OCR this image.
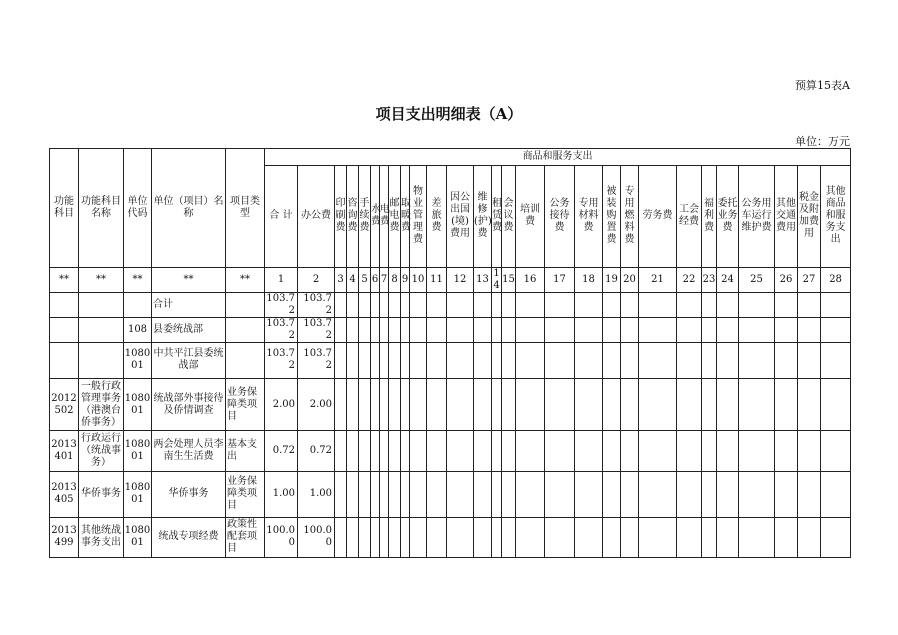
预算15表A
项目支出明细表（A）
单位：万元
功能科目	功能科目名称	单位代码	单位（项目）名称	项目类型	商品和服务支出																											
					合 计	办公费	印刷费	咨询费	手续费	水费	电费	邮电费	取暖费	物业管理费	差旅费	因公出国(境)费用	维修(护)费	租赁费	会议费	培训费	公务接待费	专用材料费	被装购置费	专用燃料费	劳务费	工会经费	福利费	委托业务费	公务用车运行维护费	其他交通费用	税金及附加费用	其他商品和服务支出
**	**	**	**	**	1	2	3	4	5	6	7	8	9	10	11	12	13	14	15	16	17	18	19	20	21	22	23	24	25	26	27	28
			合计		103.72	103.72																										
		108	县委统战部		103.72	103.72																										
		108001	中共平江县委统战部		103.72	103.72																										
2012502	一般行政管理事务（港澳台侨事务）	108001	统战部外事接待及侨情调查	业务保障类项目	2.00	2.00																										
2013401	行政运行（统战事务）	108001	两会处理人员李南生生活费	基本支出	0.72	0.72																										
2013405	华侨事务	108001	华侨事务	业务保障类项目	1.00	1.00																										
2013499	其他统战事务支出	108001	统战专项经费	政策性配套项目	100.00	100.00																										
